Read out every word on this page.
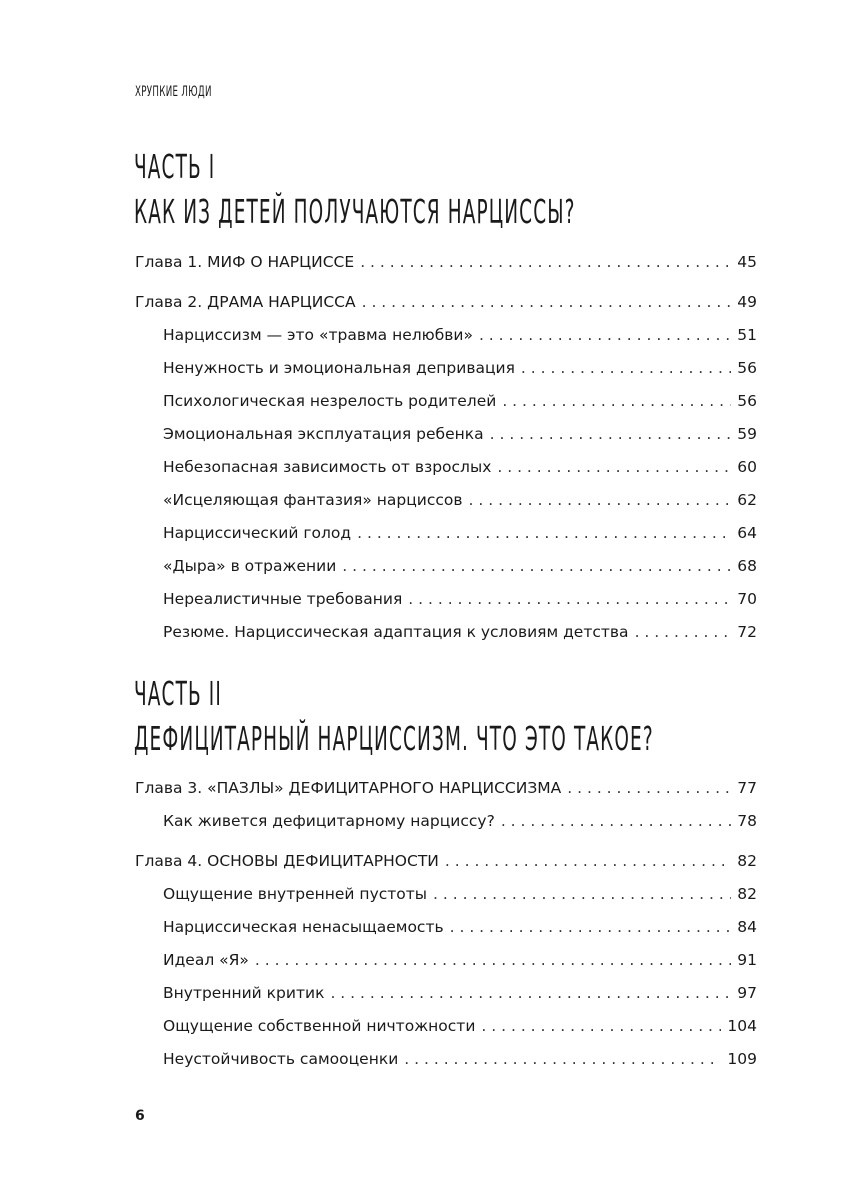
ХРУПКИЕ ЛЮДИ
ЧАСТЬ I
КАК ИЗ ДЕТЕЙ ПОЛУЧАЮТСЯ НАРЦИССЫ?
Глава 1. МИФ О НАРЦИССЕ . . .	45
Глава 2. ДРАМА НАРЦИССА . . .	49
Нарциссизм — это «травма нелюбви» . . .	51
Ненужность и эмоциональная депривация . . .	56
Психологическая незрелость родителей . . .	56
Эмоциональная эксплуатация ребенка . . .	59
Небезопасная зависимость от взрослых . . .	60
«Исцеляющая фантазия» нарциссов . . .	62
Нарциссический голод . . .	64
«Дыра» в отражении . . .	68
Нереалистичные требования . . .	70
Резюме. Нарциссическая адаптация к условиям детства . . .	72
ЧАСТЬ II
ДЕФИЦИТАРНЫЙ НАРЦИССИЗМ. ЧТО ЭТО ТАКОЕ?
Глава 3. «ПАЗЛЫ» ДЕФИЦИТАРНОГО НАРЦИССИЗМА . . .	77
Как живется дефицитарному нарциссу? . . .	78
Глава 4. ОСНОВЫ ДЕФИЦИТАРНОСТИ . . .	82
Ощущение внутренней пустоты . . .	82
Нарциссическая ненасыщаемость . . .	84
Идеал «Я» . . .	91
Внутренний критик . . .	97
Ощущение собственной ничтожности . . .	104
Неустойчивость самооценки . . .	109
6
